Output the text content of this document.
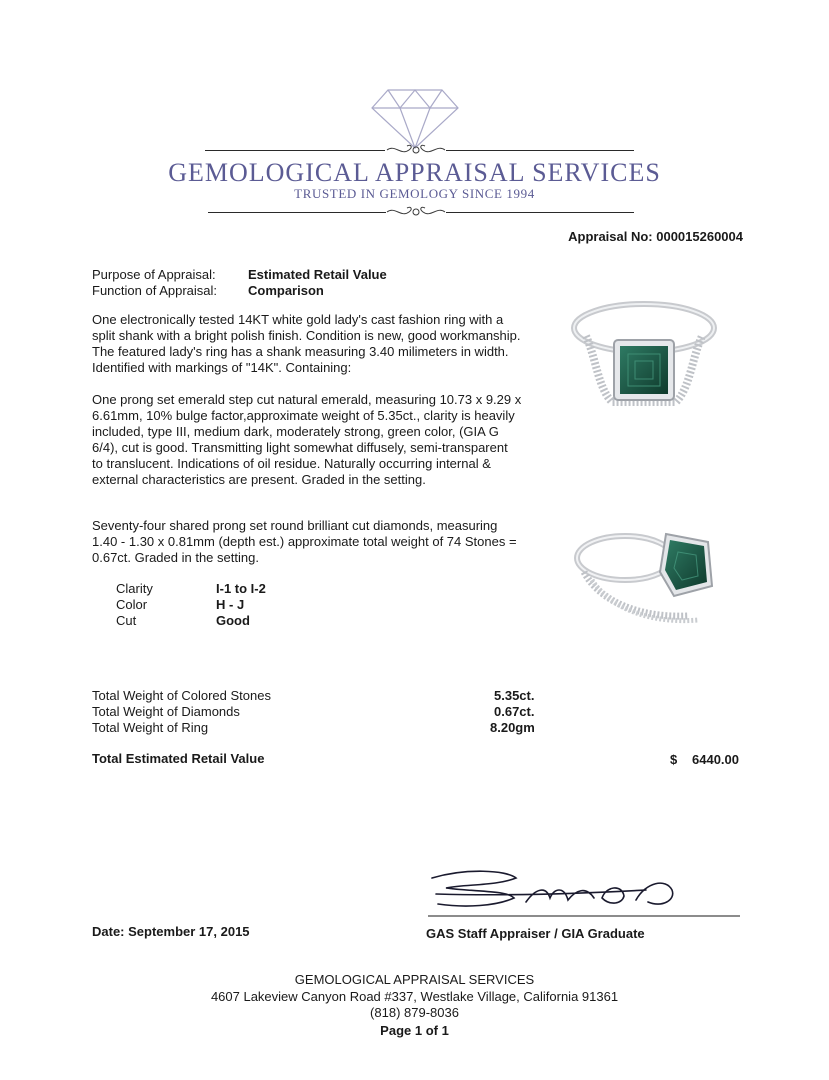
GEMOLOGICAL APPRAISAL SERVICES
TRUSTED IN GEMOLOGY SINCE 1994
Appraisal No: 000015260004
Purpose of Appraisal: Estimated Retail Value
Function of Appraisal: Comparison
One electronically tested 14KT white gold lady's cast fashion ring with a split shank with a bright polish finish. Condition is new, good workmanship. The featured lady's ring has a shank measuring 3.40 milimeters in width. Identified with markings of "14K". Containing:
One prong set emerald step cut natural emerald, measuring 10.73 x 9.29 x 6.61mm, 10% bulge factor,approximate weight of 5.35ct., clarity is heavily included, type III, medium dark, moderately strong, green color, (GIA G 6/4), cut is good. Transmitting light somewhat diffusely, semi-transparent to translucent. Indications of oil residue. Naturally occurring internal & external characteristics are present. Graded in the setting.
Seventy-four shared prong set round brilliant cut diamonds, measuring 1.40 - 1.30 x 0.81mm (depth est.) approximate total weight of 74 Stones = 0.67ct. Graded in the setting.
Clarity	I-1 to I-2
Color	H - J
Cut	Good
Total Weight of Colored Stones	5.35ct.
Total Weight of Diamonds	0.67ct.
Total Weight of Ring	8.20gm
Total Estimated Retail Value	$ 6440.00
Date: September 17, 2015	GAS Staff Appraiser / GIA Graduate
GEMOLOGICAL APPRAISAL SERVICES
4607 Lakeview Canyon Road #337, Westlake Village, California 91361
(818) 879-8036
Page 1 of 1
